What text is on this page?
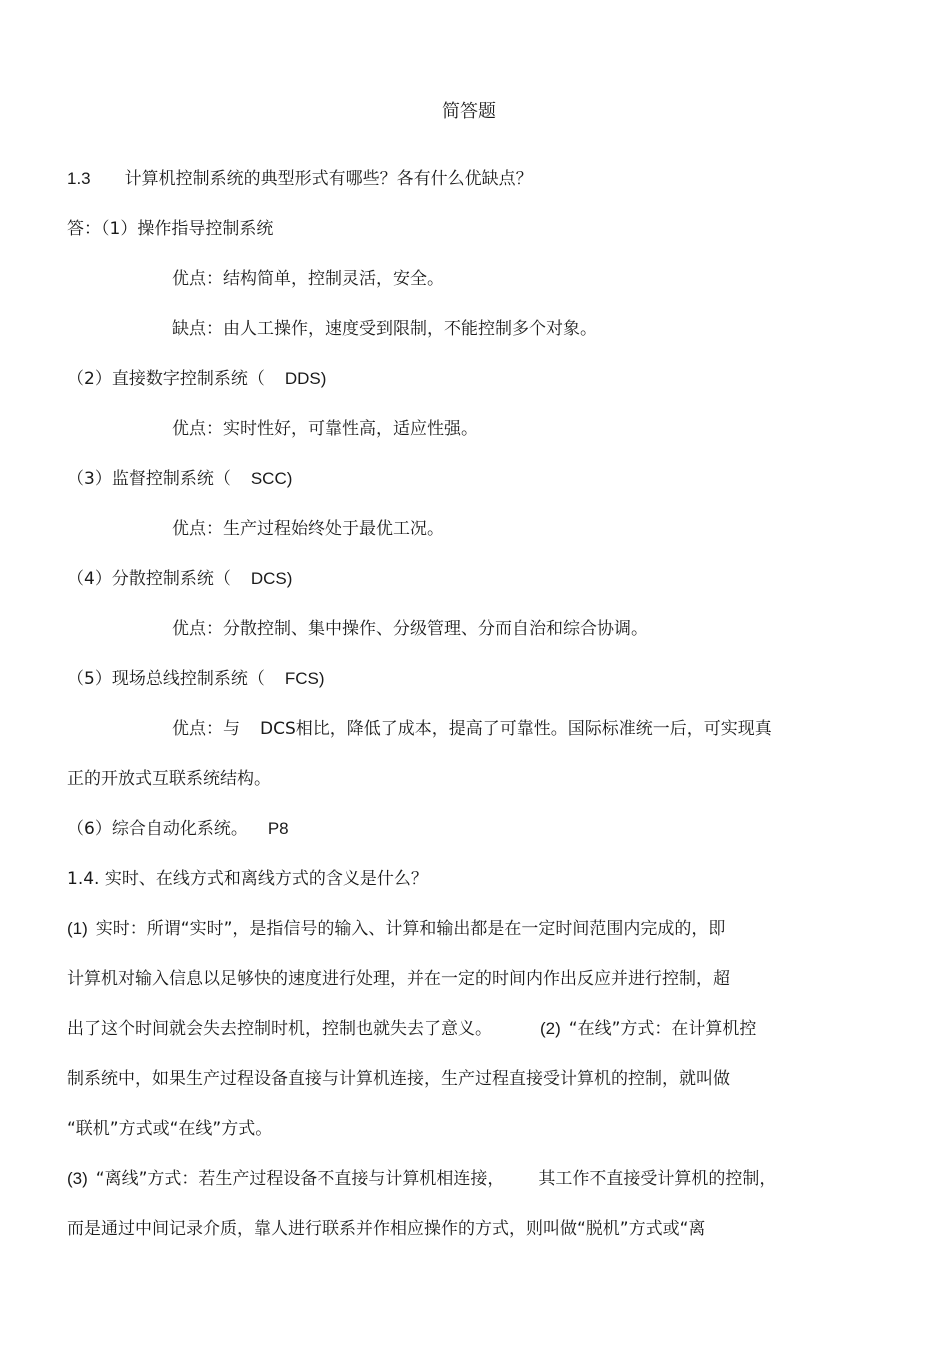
简答题
1.3 计算机控制系统的典型形式有哪些？各有什么优缺点？
答：（1）操作指导控制系统
优点：结构简单，控制灵活，安全。
缺点：由人工操作，速度受到限制，不能控制多个对象。
（2）直接数字控制系统（ DDS)
优点：实时性好，可靠性高，适应性强。
（3）监督控制系统（ SCC)
优点：生产过程始终处于最优工况。
（4）分散控制系统（ DCS)
优点：分散控制、集中操作、分级管理、分而自治和综合协调。
（5）现场总线控制系统（ FCS)
优点：与 DCS相比，降低了成本，提高了可靠性。国际标准统一后，可实现真
正的开放式互联系统结构。
（6）综合自动化系统。 P8
1.4. 实时、在线方式和离线方式的含义是什么？
(1) 实时：所谓“实时”，是指信号的输入、计算和输出都是在一定时间范围内完成的，即
计算机对输入信息以足够快的速度进行处理，并在一定的时间内作出反应并进行控制，超
出了这个时间就会失去控制时机，控制也就失去了意义。	(2) “在线”方式：在计算机控
制系统中，如果生产过程设备直接与计算机连接，生产过程直接受计算机的控制，就叫做
“联机”方式或“在线”方式。
(3) “离线”方式：若生产过程设备不直接与计算机相连接， 其工作不直接受计算机的控制，
而是通过中间记录介质，靠人进行联系并作相应操作的方式，则叫做“脱机”方式或“离
